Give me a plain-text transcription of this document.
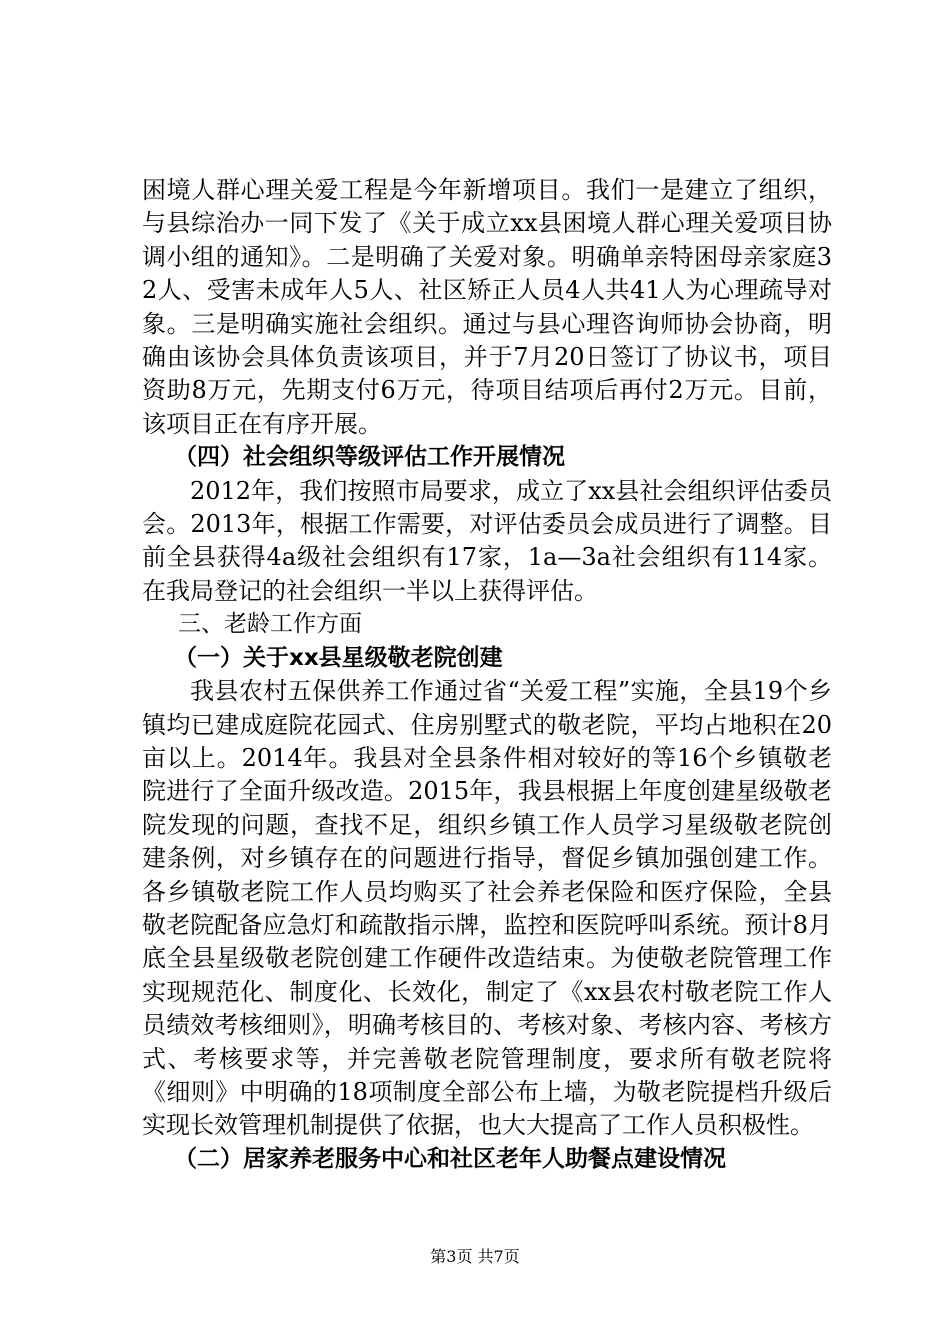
困境人群心理关爱工程是今年新增项目。我们一是建立了组织，与县综治办一同下发了《关于成立xx县困境人群心理关爱项目协调小组的通知》。二是明确了关爱对象。明确单亲特困母亲家庭32人、受害未成年人5人、社区矫正人员4人共41人为心理疏导对象。三是明确实施社会组织。通过与县心理咨询师协会协商，明确由该协会具体负责该项目，并于7月20日签订了协议书，项目资助8万元，先期支付6万元，待项目结项后再付2万元。目前，该项目正在有序开展。

（四）社会组织等级评估工作开展情况

2012年，我们按照市局要求，成立了xx县社会组织评估委员会。2013年，根据工作需要，对评估委员会成员进行了调整。目前全县获得4a级社会组织有17家，1a—3a社会组织有114家。在我局登记的社会组织一半以上获得评估。

三、老龄工作方面

（一）关于xx县星级敬老院创建

我县农村五保供养工作通过省“关爱工程”实施，全县19个乡镇均已建成庭院花园式、住房别墅式的敬老院，平均占地积在20亩以上。2014年。我县对全县条件相对较好的等16个乡镇敬老院进行了全面升级改造。2015年，我县根据上年度创建星级敬老院发现的问题，查找不足，组织乡镇工作人员学习星级敬老院创建条例，对乡镇存在的问题进行指导，督促乡镇加强创建工作。各乡镇敬老院工作人员均购买了社会养老保险和医疗保险，全县敬老院配备应急灯和疏散指示牌，监控和医院呼叫系统。预计8月底全县星级敬老院创建工作硬件改造结束。为使敬老院管理工作实现规范化、制度化、长效化，制定了《xx县农村敬老院工作人员绩效考核细则》，明确考核目的、考核对象、考核内容、考核方式、考核要求等，并完善敬老院管理制度，要求所有敬老院将《细则》中明确的18项制度全部公布上墙，为敬老院提档升级后实现长效管理机制提供了依据，也大大提高了工作人员积极性。

（二）居家养老服务中心和社区老年人助餐点建设情况

第3页 共7页
